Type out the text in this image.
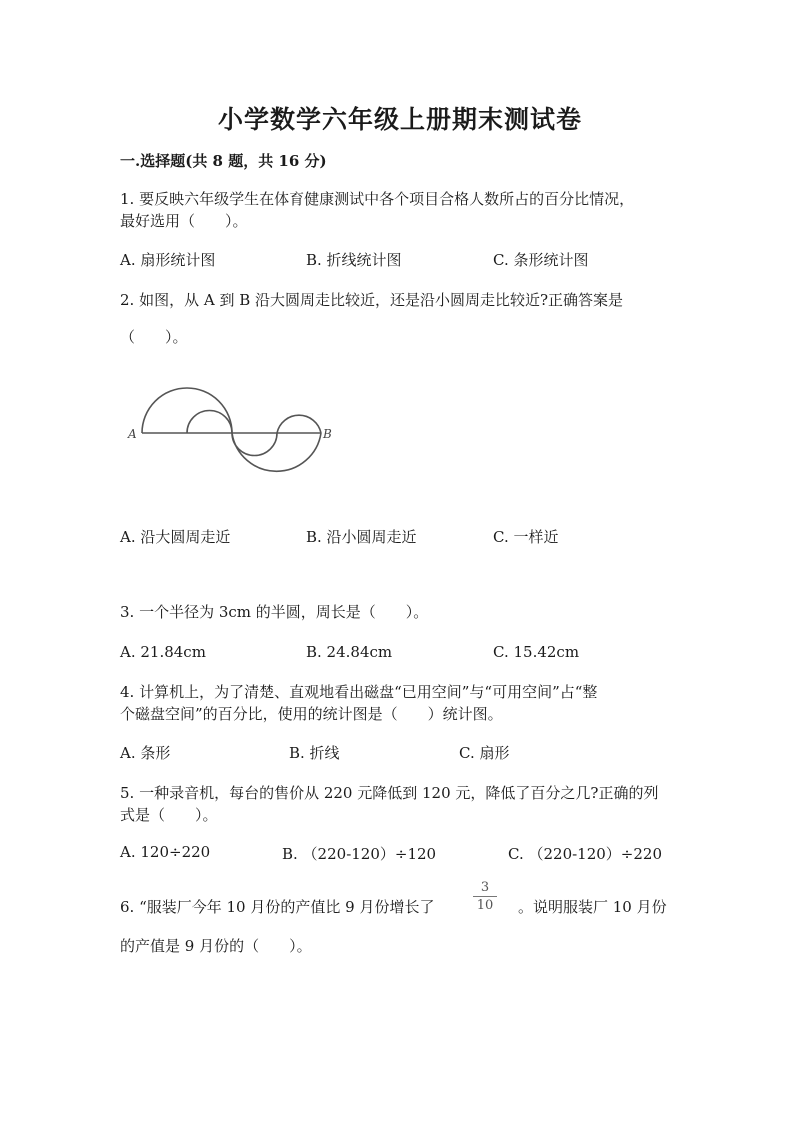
小学数学六年级上册期末测试卷
一.选择题(共 8 题，共 16 分)
1. 要反映六年级学生在体育健康测试中各个项目合格人数所占的百分比情况，
最好选用（　　）。
A. 扇形统计图	B. 折线统计图	C. 条形统计图
2. 如图，从 A 到 B 沿大圆周走比较近，还是沿小圆周走比较近?正确答案是
（　　）。
A	B
A. 沿大圆周走近	B. 沿小圆周走近	C. 一样近
3. 一个半径为 3cm 的半圆，周长是（　　）。
A. 21.84cm	B. 24.84cm	C. 15.42cm
4. 计算机上，为了清楚、直观地看出磁盘“已用空间”与“可用空间”占“整
个磁盘空间”的百分比，使用的统计图是（　　）统计图。
A. 条形	B. 折线	C. 扇形
5. 一种录音机，每台的售价从 220 元降低到 120 元，降低了百分之几?正确的列
式是（　　）。
A. 120÷220	B. （220-120）÷120	C. （220-120）÷220
6. “服装厂今年 10 月份的产值比 9 月份增长了
3
10 。说明服装厂 10 月份
的产值是 9 月份的（　　）。
